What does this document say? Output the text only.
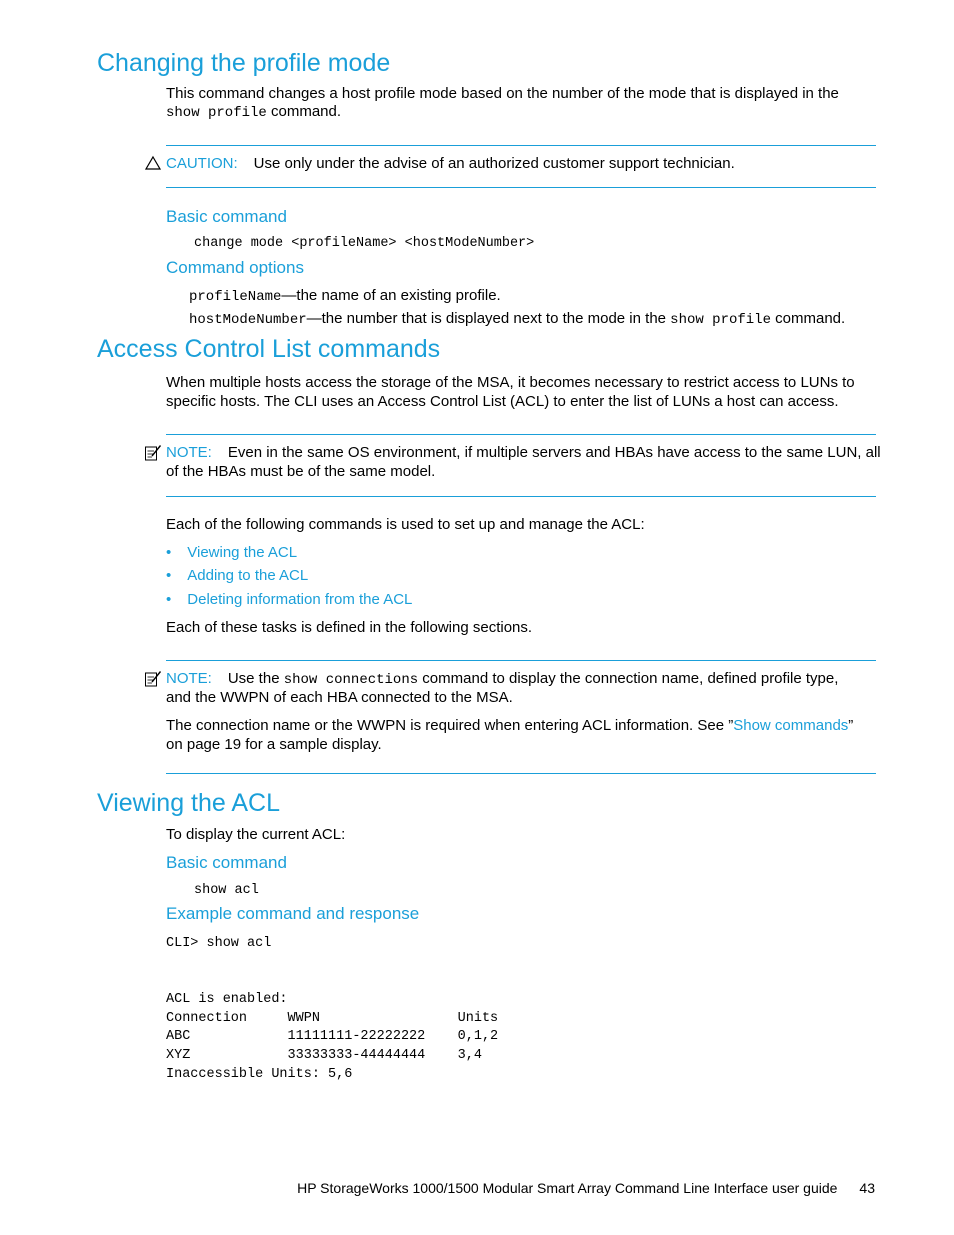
Changing the profile mode
This command changes a host profile mode based on the number of the mode that is displayed in the
show profile command.
CAUTION: Use only under the advise of an authorized customer support technician.
Basic command
change mode <profileName> <hostModeNumber>
Command options
profileName—the name of an existing profile.
hostModeNumber—the number that is displayed next to the mode in the show profile command.
Access Control List commands
When multiple hosts access the storage of the MSA, it becomes necessary to restrict access to LUNs to
specific hosts. The CLI uses an Access Control List (ACL) to enter the list of LUNs a host can access.
NOTE: Even in the same OS environment, if multiple servers and HBAs have access to the same LUN, all
of the HBAs must be of the same model.
Each of the following commands is used to set up and manage the ACL:
• Viewing the ACL
• Adding to the ACL
• Deleting information from the ACL
Each of these tasks is defined in the following sections.
NOTE: Use the show connections command to display the connection name, defined profile type,
and the WWPN of each HBA connected to the MSA.
The connection name or the WWPN is required when entering ACL information. See ”Show commands”
on page 19 for a sample display.
Viewing the ACL
To display the current ACL:
Basic command
show acl
Example command and response
CLI> show acl
ACL is enabled:
Connection     WWPN                 Units
ABC            11111111-22222222    0,1,2
XYZ            33333333-44444444    3,4
Inaccessible Units: 5,6
HP StorageWorks 1000/1500 Modular Smart Array Command Line Interface user guide 43
